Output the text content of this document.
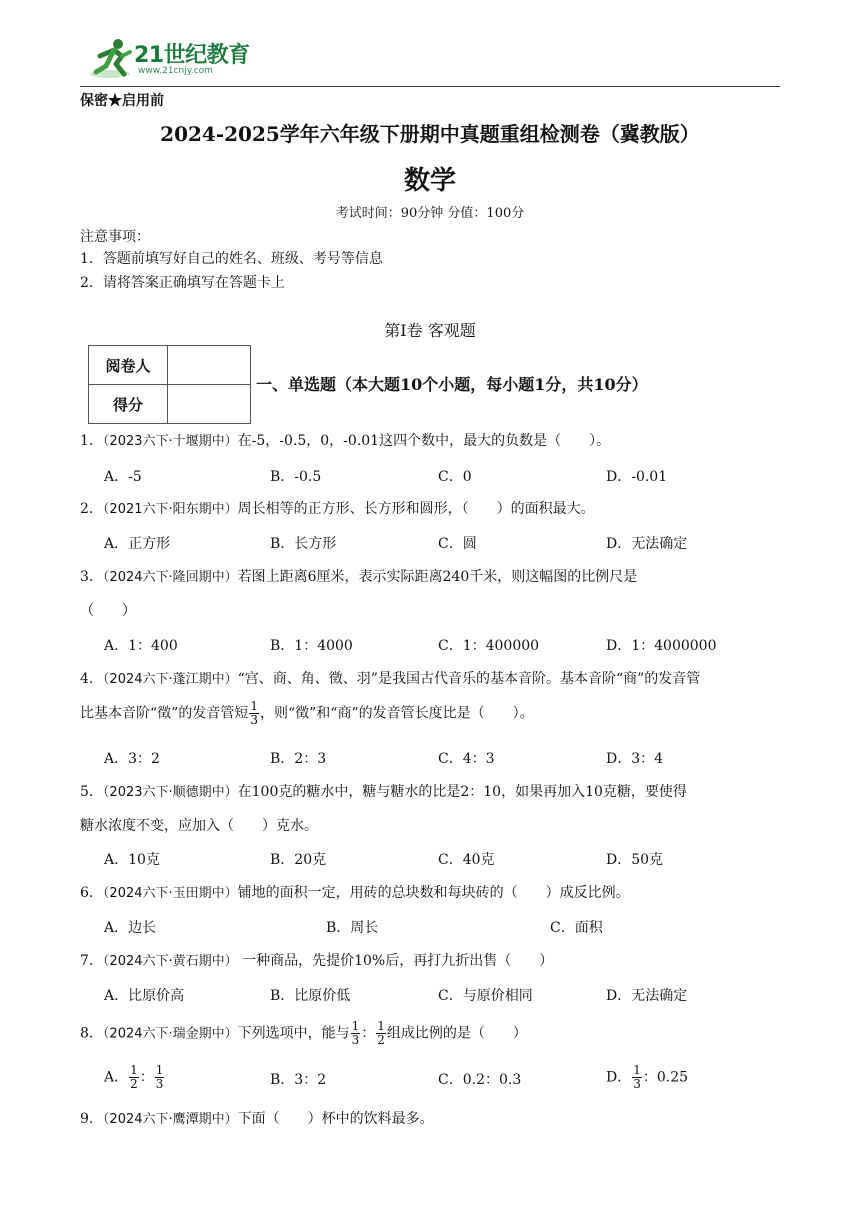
21世纪教育
www.21cnjy.com
保密★启用前
2024-2025学年六年级下册期中真题重组检测卷（冀教版）
数学
考试时间：90分钟 分值：100分
注意事项：
1．答题前填写好自己的姓名、班级、考号等信息
2．请将答案正确填写在答题卡上
第Ⅰ卷 客观题
阅卷人	
得分	
一、单选题（本大题10个小题，每小题1分，共10分）
1．（2023六下·十堰期中）在-5，-0.5，0，-0.01这四个数中，最大的负数是（　　）。
A．-5	B．-0.5	C．0	D．-0.01
2．（2021六下·阳东期中）周长相等的正方形、长方形和圆形，（　　）的面积最大。
A．正方形	B．长方形	C．圆	D．无法确定
3．（2024六下·隆回期中）若图上距离6厘米，表示实际距离240千米，则这幅图的比例尺是
（　　）
A．1：400	B．1：4000	C．1：400000	D．1：4000000
4．（2024六下·蓬江期中）“宫、商、角、徵、羽”是我国古代音乐的基本音阶。基本音阶“商”的发音管
比基本音阶“徵”的发音管短 $\frac{1}{3}$ ，则“徵”和“商”的发音管长度比是（　　）。
A．3：2	B．2：3	C．4：3	D．3：4
5．（2023六下·顺德期中）在100克的糖水中，糖与糖水的比是2：10，如果再加入10克糖，要使得
糖水浓度不变，应加入（　　）克水。
A．10克	B．20克	C．40克	D．50克
6．（2024六下·玉田期中）铺地的面积一定，用砖的总块数和每块砖的（　　）成反比例。
A．边长	B．周长	C．面积
7．（2024六下·黄石期中） 一种商品，先提价10%后，再打九折出售（　　）
A．比原价高	B．比原价低	C．与原价相同	D．无法确定
8．（2024六下·瑞金期中）下列选项中，能与 $\frac{1}{3}$ ： $\frac{1}{2}$ 组成比例的是（　　）
A． $\frac{1}{2}$ ： $\frac{1}{3}$	B．3：2	C．0.2：0.3	D． $\frac{1}{3}$ ：0.25
9．（2024六下·鹰潭期中）下面（　　）杯中的饮料最多。
